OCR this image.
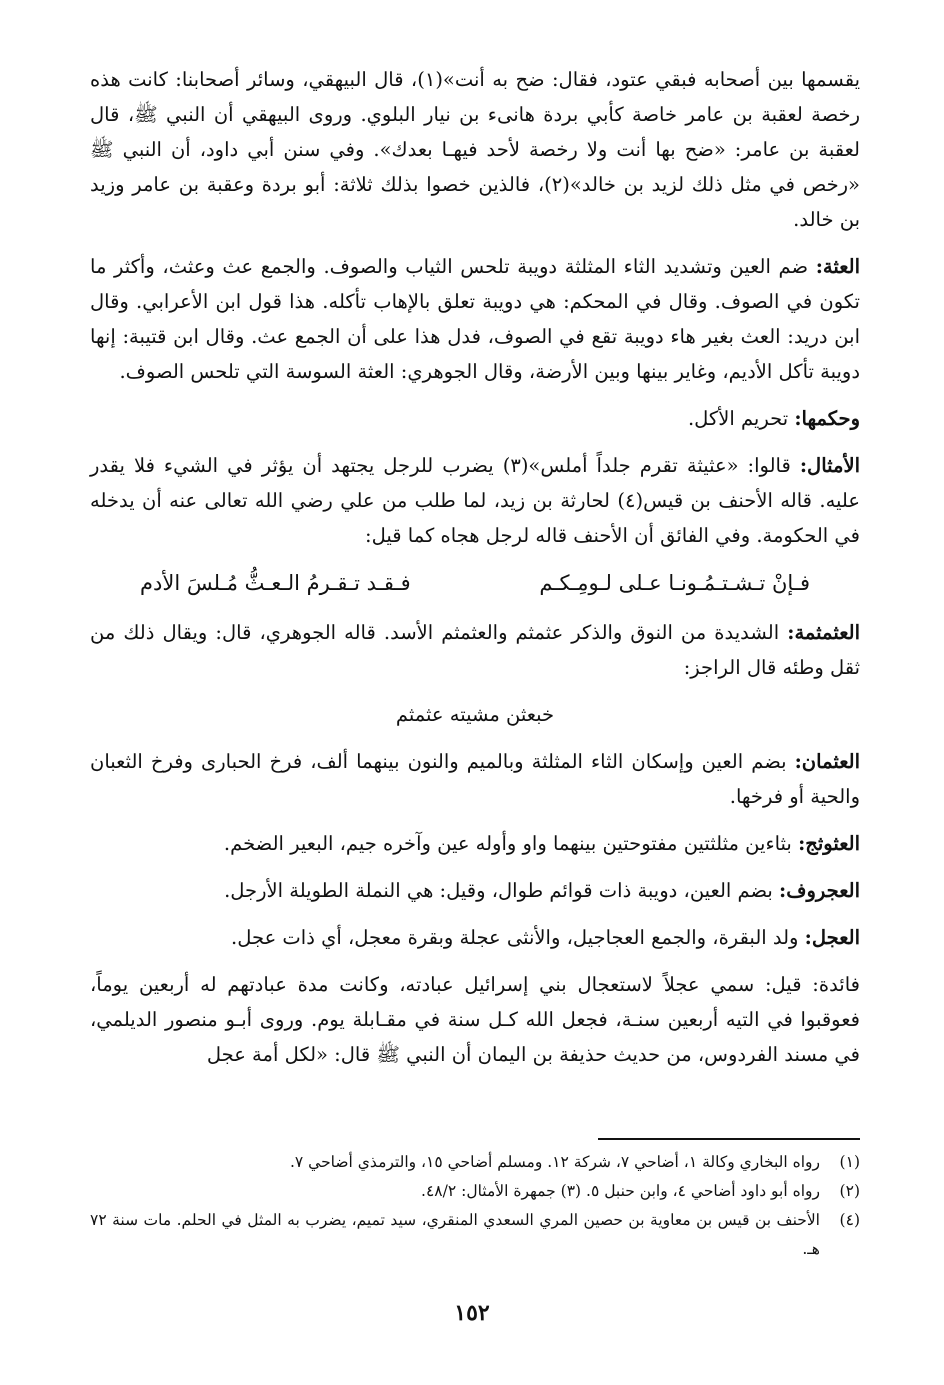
يقسمها بين أصحابه فبقي عتود، فقال: ضح به أنت»(١)، قال البيهقي، وسائر أصحابنا: كانت هذه رخصة لعقبة بن عامر خاصة كأبي بردة هانىء بن نيار البلوي. وروى البيهقي أن النبي ﷺ، قال لعقبة بن عامر: «ضح بها أنت ولا رخصة لأحد فيهـا بعدك». وفي سنن أبي داود، أن النبي ﷺ «رخص في مثل ذلك لزيد بن خالد»(٢)، فالذين خصوا بذلك ثلاثة: أبو بردة وعقبة بن عامر وزيد بن خالد.

العثة: ضم العين وتشديد الثاء المثلثة دويبة تلحس الثياب والصوف. والجمع عث وعثث، وأكثر ما تكون في الصوف. وقال في المحكم: هي دويبة تعلق بالإهاب تأكله. هذا قول ابن الأعرابي. وقال ابن دريد: العث بغير هاء دويبة تقع في الصوف، فدل هذا على أن الجمع عث. وقال ابن قتيبة: إنها دويبة تأكل الأديم، وغاير بينها وبين الأرضة، وقال الجوهري: العثة السوسة التي تلحس الصوف.

وحكمها: تحريم الأكل.

الأمثال: قالوا: «عثيثة تقرم جلداً أملس»(٣) يضرب للرجل يجتهد أن يؤثر في الشيء فلا يقدر عليه. قاله الأحنف بن قيس(٤) لحارثة بن زيد، لما طلب من علي رضي الله تعالى عنه أن يدخله في الحكومة. وفي الفائق أن الأحنف قاله لرجل هجاه كما قيل:

فـإنْ تـشـتـمُـونـا عـلى لـومِـكـم
فـقـد تـقـرمُ الـعـثُّ مُـلسَ الأدم

العثمثمة: الشديدة من النوق والذكر عثمثم والعثمثم الأسد. قاله الجوهري، قال: ويقال ذلك من ثقل وطئه قال الراجز:

خبعثن مشيته عثمثم

العثمان: بضم العين وإسكان الثاء المثلثة وبالميم والنون بينهما ألف، فرخ الحبارى وفرخ الثعبان والحية أو فرخها.

العثوثج: بثاءين مثلثتين مفتوحتين بينهما واو وأوله عين وآخره جيم، البعير الضخم.

العجروف: بضم العين، دويبة ذات قوائم طوال، وقيل: هي النملة الطويلة الأرجل.

العجل: ولد البقرة، والجمع العجاجيل، والأنثى عجلة وبقرة معجل، أي ذات عجل.

فائدة: قيل: سمي عجلاً لاستعجال بني إسرائيل عبادته، وكانت مدة عبادتهم له أربعين يوماً، فعوقبوا في التيه أربعين سنـة، فجعل الله كـل سنة في مقـابلة يوم. وروى أبـو منصور الديلمي، في مسند الفردوس، من حديث حذيفة بن اليمان أن النبي ﷺ قال: «لكل أمة عجل

(١)
رواه البخاري وكالة ١، أضاحي ٧، شركة ١٢. ومسلم أضاحي ١٥، والترمذي أضاحي ٧.
(٢)
رواه أبو داود أضاحي ٤، وابن حنبل ٥. (٣) جمهرة الأمثال: ٤٨/٢.
(٤)
الأحنف بن قيس بن معاوية بن حصين المري السعدي المنقري، سيد تميم، يضرب به المثل في الحلم. مات سنة ٧٢ هـ.
١٥٢
